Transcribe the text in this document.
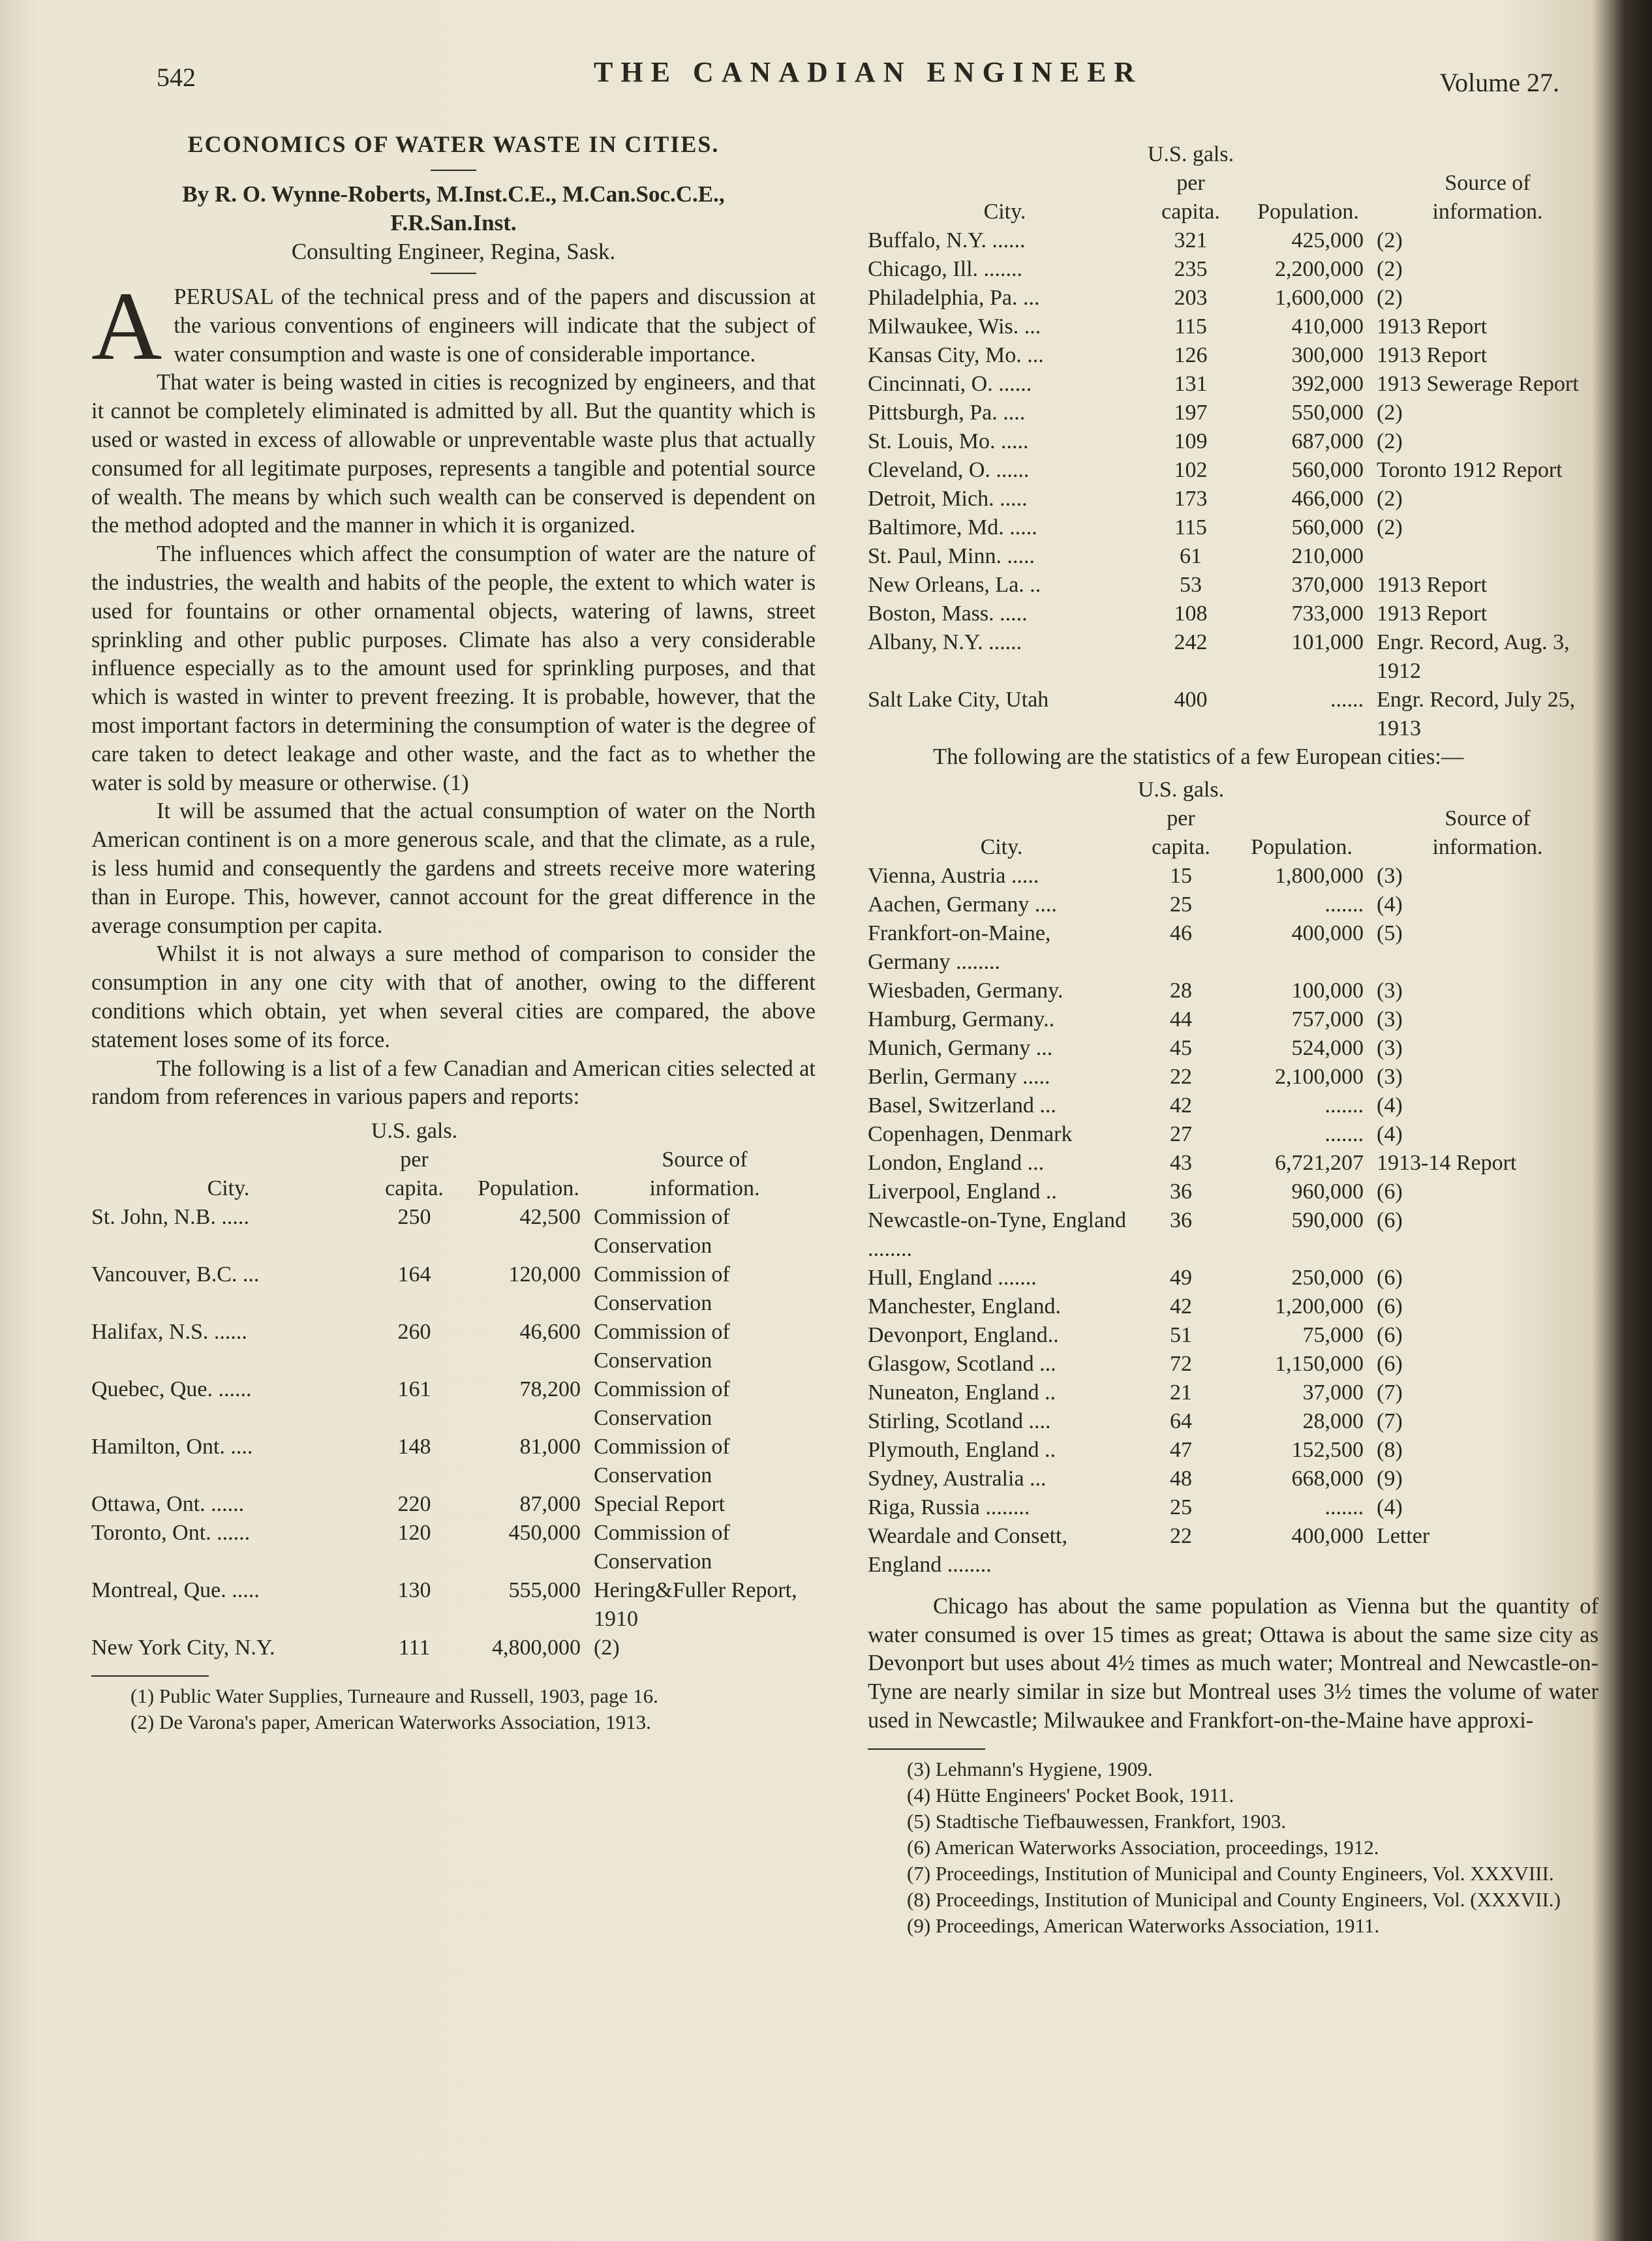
542	THE CANADIAN ENGINEER	Volume 27.
ECONOMICS OF WATER WASTE IN CITIES.
By R. O. Wynne-Roberts, M.Inst.C.E., M.Can.Soc.C.E.,
F.R.San.Inst.
Consulting Engineer, Regina, Sask.

A PERUSAL of the technical press and of the papers and discussion at the various conventions of engineers will indicate that the subject of water consumption and waste is one of considerable importance.

That water is being wasted in cities is recognized by engineers, and that it cannot be completely eliminated is admitted by all. But the quantity which is used or wasted in excess of allowable or unpreventable waste plus that actually consumed for all legitimate purposes, represents a tangible and potential source of wealth. The means by which such wealth can be conserved is dependent on the method adopted and the manner in which it is organized.

The influences which affect the consumption of water are the nature of the industries, the wealth and habits of the people, the extent to which water is used for fountains or other ornamental objects, watering of lawns, street sprinkling and other public purposes. Climate has also a very considerable influence especially as to the amount used for sprinkling purposes, and that which is wasted in winter to prevent freezing. It is probable, however, that the most important factors in determining the consumption of water is the degree of care taken to detect leakage and other waste, and the fact as to whether the water is sold by measure or otherwise. (1)

It will be assumed that the actual consumption of water on the North American continent is on a more generous scale, and that the climate, as a rule, is less humid and consequently the gardens and streets receive more watering than in Europe. This, however, cannot account for the great difference in the average consumption per capita.

Whilst it is not always a sure method of comparison to consider the consumption in any one city with that of another, owing to the different conditions which obtain, yet when several cities are compared, the above statement loses some of its force.

The following is a list of a few Canadian and American cities selected at random from references in various papers and reports:

	U.S. gals.		
	per		Source of
City.	capita.	Population.	information.
St. John, N.B. .....	250	42,500	Commission of Conservation
Vancouver, B.C. ...	164	120,000	Commission of Conservation
Halifax, N.S. ......	260	46,600	Commission of Conservation
Quebec, Que. ......	161	78,200	Commission of Conservation
Hamilton, Ont. ....	148	81,000	Commission of Conservation
Ottawa, Ont. ......	220	87,000	Special Report
Toronto, Ont. ......	120	450,000	Commission of Conservation
Montreal, Que. .....	130	555,000	Hering&Fuller Report, 1910
New York City, N.Y.	111	4,800,000	(2)

(1) Public Water Supplies, Turneaure and Russell, 1903, page 16.

(2) De Varona's paper, American Waterworks Association, 1913.

	U.S. gals.		
	per		Source of
City.	capita.	Population.	information.
Buffalo, N.Y. ......	321	425,000	(2)
Chicago, Ill. .......	235	2,200,000	(2)
Philadelphia, Pa. ...	203	1,600,000	(2)
Milwaukee, Wis. ...	115	410,000	1913 Report
Kansas City, Mo. ...	126	300,000	1913 Report
Cincinnati, O. ......	131	392,000	1913 Sewerage Report
Pittsburgh, Pa. ....	197	550,000	(2)
St. Louis, Mo. .....	109	687,000	(2)
Cleveland, O. ......	102	560,000	Toronto 1912 Report
Detroit, Mich. .....	173	466,000	(2)
Baltimore, Md. .....	115	560,000	(2)
St. Paul, Minn. .....	61	210,000	
New Orleans, La. ..	53	370,000	1913 Report
Boston, Mass. .....	108	733,000	1913 Report
Albany, N.Y. ......	242	101,000	Engr. Record, Aug. 3, 1912
Salt Lake City, Utah	400	......	Engr. Record, July 25, 1913

The following are the statistics of a few European cities:—

	U.S. gals.		
	per		Source of
City.	capita.	Population.	information.
Vienna, Austria .....	15	1,800,000	(3)
Aachen, Germany ....	25	.......	(4)
Frankfort-on-Maine, Germany ........	46	400,000	(5)
Wiesbaden, Germany.	28	100,000	(3)
Hamburg, Germany..	44	757,000	(3)
Munich, Germany ...	45	524,000	(3)
Berlin, Germany .....	22	2,100,000	(3)
Basel, Switzerland ...	42	.......	(4)
Copenhagen, Denmark	27	.......	(4)
London, England ...	43	6,721,207	1913-14 Report
Liverpool, England ..	36	960,000	(6)
Newcastle-on-Tyne, England ........	36	590,000	(6)
Hull, England .......	49	250,000	(6)
Manchester, England.	42	1,200,000	(6)
Devonport, England..	51	75,000	(6)
Glasgow, Scotland ...	72	1,150,000	(6)
Nuneaton, England ..	21	37,000	(7)
Stirling, Scotland ....	64	28,000	(7)
Plymouth, England ..	47	152,500	(8)
Sydney, Australia ...	48	668,000	(9)
Riga, Russia ........	25	.......	(4)
Weardale and Consett, England ........	22	400,000	Letter

Chicago has about the same population as Vienna but the quantity of water consumed is over 15 times as great; Ottawa is about the same size city as Devonport but uses about 4½ times as much water; Montreal and Newcastle-on-Tyne are nearly similar in size but Montreal uses 3½ times the volume of water used in Newcastle; Milwaukee and Frankfort-on-the-Maine have approxi-

(3) Lehmann's Hygiene, 1909.

(4) Hütte Engineers' Pocket Book, 1911.

(5) Stadtische Tiefbauwessen, Frankfort, 1903.

(6) American Waterworks Association, proceedings, 1912.

(7) Proceedings, Institution of Municipal and County Engineers, Vol. XXXVIII.

(8) Proceedings, Institution of Municipal and County Engineers, Vol. (XXXVII.)

(9) Proceedings, American Waterworks Association, 1911.
